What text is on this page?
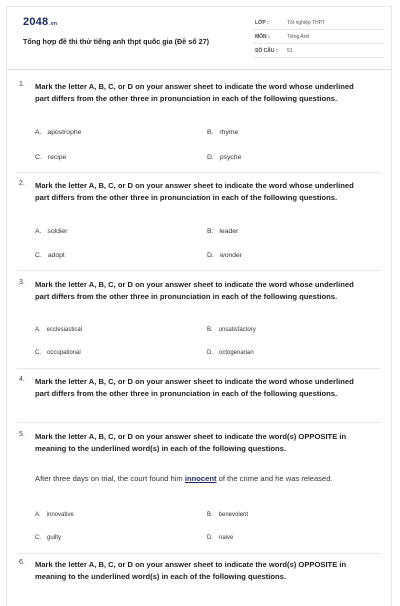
2048.vn
Tổng hợp đề thi thử tiếng anh thpt quốc gia (Đề số 27)
LỚP :	Tốt nghiệp THPT
MÔN :	Tiếng Anh
SỐ CÂU : 51
1. Mark the letter A, B, C, or D on your answer sheet to indicate the word whose underlined part differs from the other three in pronunciation in each of the following questions.
A. apostrophe	B. rhyme
C. recipe	D. psyche
2. Mark the letter A, B, C, or D on your answer sheet to indicate the word whose underlined part differs from the other three in pronunciation in each of the following questions.
A. soldier	B. leader
C. adopt	D. wonder
3. Mark the letter A, B, C, or D on your answer sheet to indicate the word whose underlined part differs from the other three in pronunciation in each of the following questions.
A. ecclesiastical	B. unsatisfactory
C. occupational	D. octogenarian
4. Mark the letter A, B, C, or D on your answer sheet to indicate the word whose underlined part differs from the other three in pronunciation in each of the following questions.
5. Mark the letter A, B, C, or D on your answer sheet to indicate the word(s) OPPOSITE in meaning to the underlined word(s) in each of the following questions.
After three days on trial, the court found him innocent of the crime and he was released.
A. innovative	B. benevolent
C. guilty	D. naive
6. Mark the letter A, B, C, or D on your answer sheet to indicate the word(s) OPPOSITE in meaning to the underlined word(s) in each of the following questions.
